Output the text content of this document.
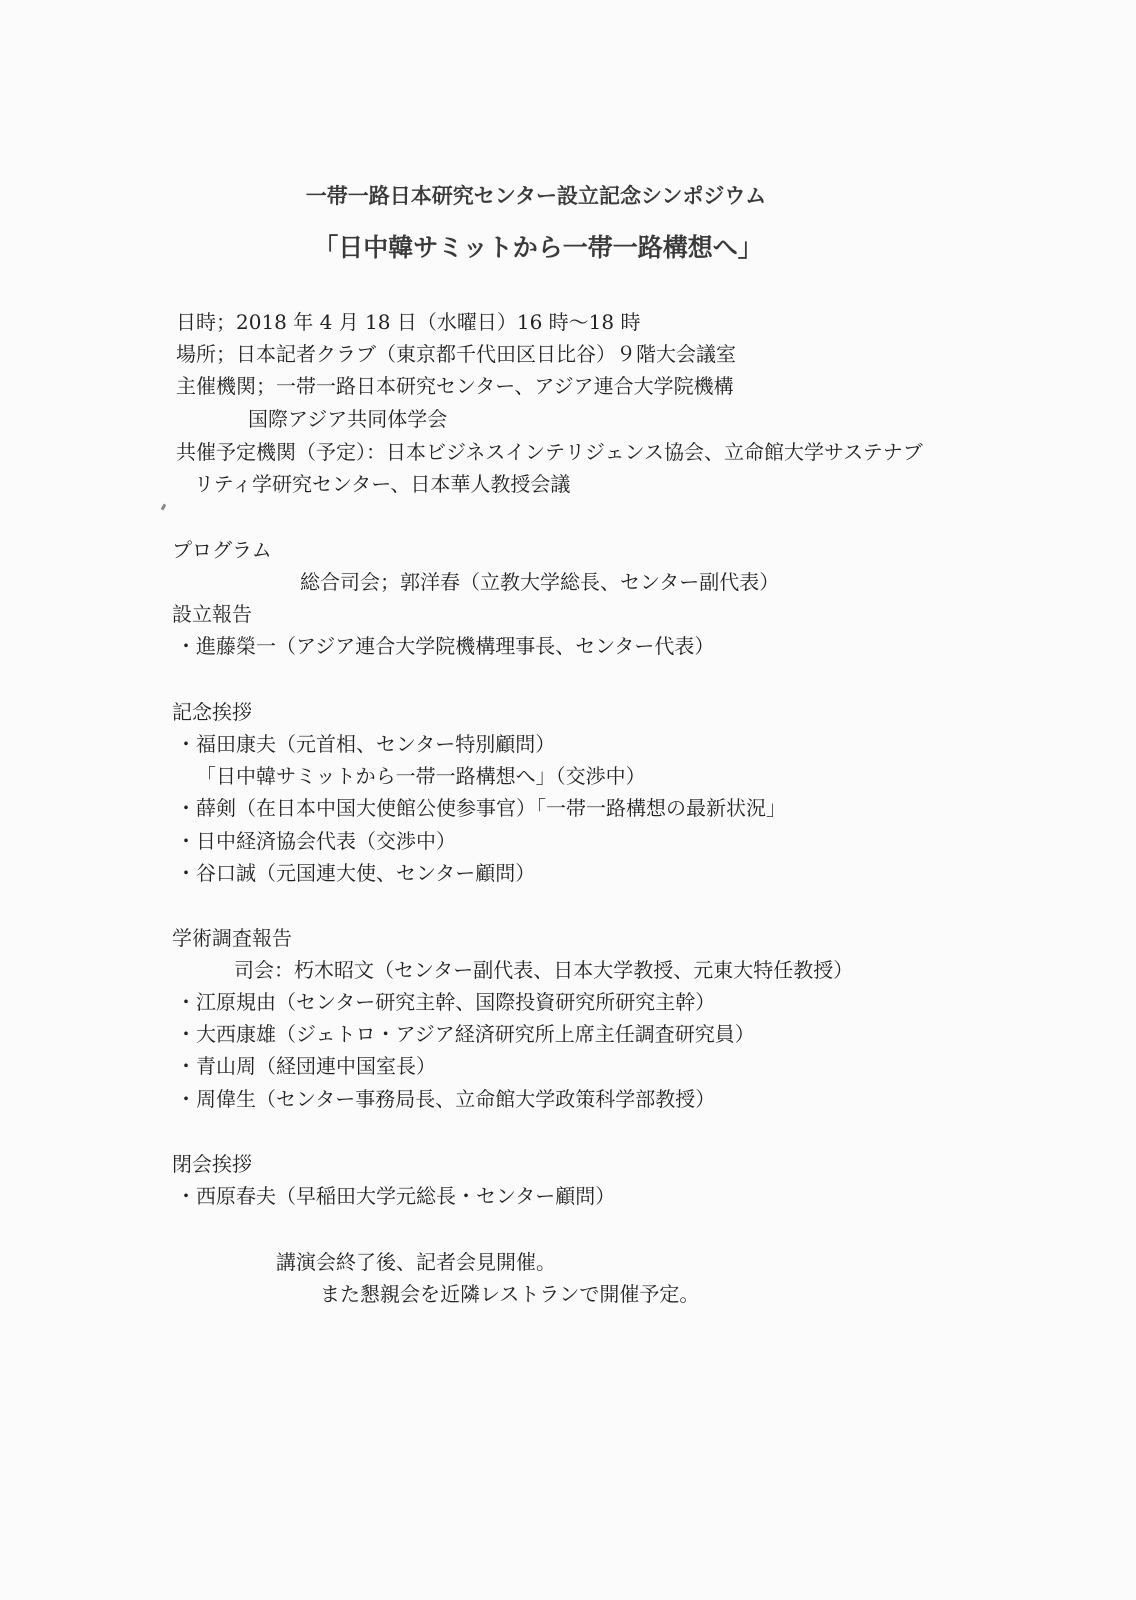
一帯一路日本研究センター設立記念シンポジウム
「日中韓サミットから一帯一路構想へ」
日時；2018 年 4 月 18 日（水曜日）16 時～18 時
場所；日本記者クラブ（東京都千代田区日比谷）９階大会議室
主催機関；一帯一路日本研究センター、アジア連合大学院機構
国際アジア共同体学会
共催予定機関（予定）：日本ビジネスインテリジェンス協会、立命館大学サステナブ
リティ学研究センター、日本華人教授会議
プログラム
総合司会；郭洋春（立教大学総長、センター副代表）
設立報告
・進藤榮一（アジア連合大学院機構理事長、センター代表）
記念挨拶
・福田康夫（元首相、センター特別顧問）
「日中韓サミットから一帯一路構想へ」（交渉中）
・薛剣（在日本中国大使館公使参事官）「一帯一路構想の最新状況」
・日中経済協会代表（交渉中）
・谷口誠（元国連大使、センター顧問）
学術調査報告
司会：朽木昭文（センター副代表、日本大学教授、元東大特任教授）
・江原規由（センター研究主幹、国際投資研究所研究主幹）
・大西康雄（ジェトロ・アジア経済研究所上席主任調査研究員）
・青山周（経団連中国室長）
・周偉生（センター事務局長、立命館大学政策科学部教授）
閉会挨拶
・西原春夫（早稲田大学元総長・センター顧問）
講演会終了後、記者会見開催。
また懇親会を近隣レストランで開催予定。
